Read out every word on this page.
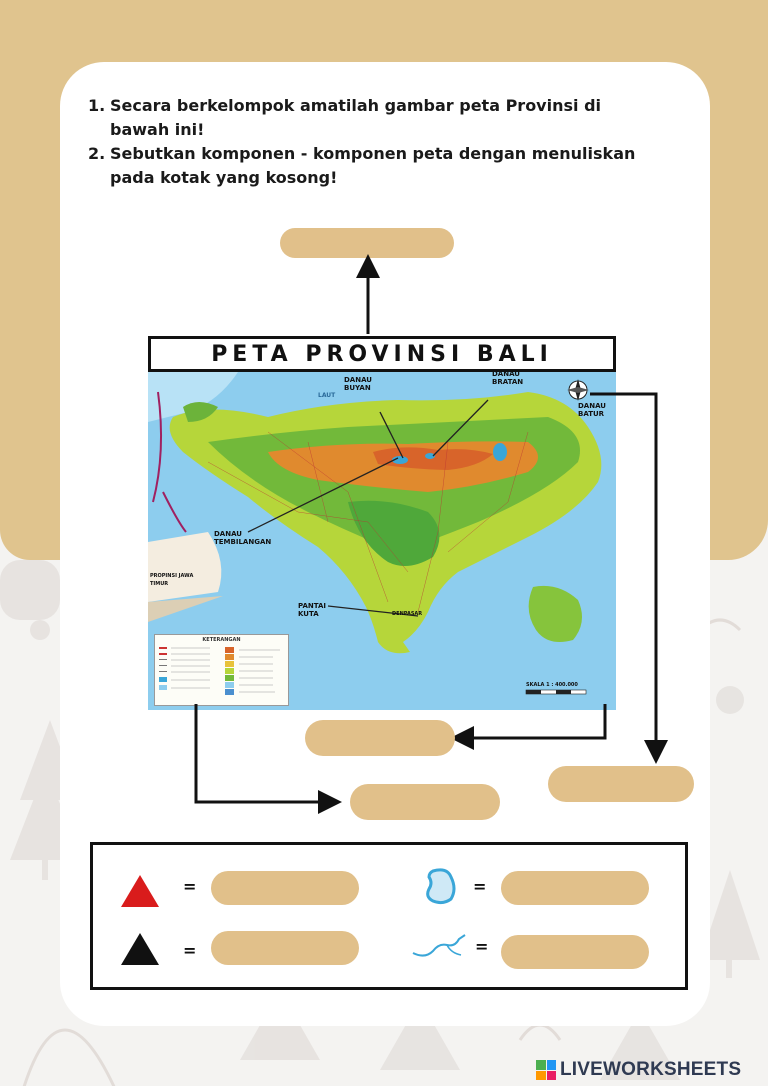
1. Secara berkelompok amatilah gambar peta Provinsi di bawah ini!
2. Sebutkan komponen - komponen peta dengan menuliskan pada kotak yang kosong!
PETA PROVINSI BALI
DANAU BUYAN
DANAU BRATAN
DANAU BATUR
DANAU TEMBILANGAN
PANTAI KUTA
LAUT
PROPINSI JAWA TIMUR
DENPASAR
KETERANGAN
SKALA 1 : 400.000
=
=
=
=
LIVEWORKSHEETS
